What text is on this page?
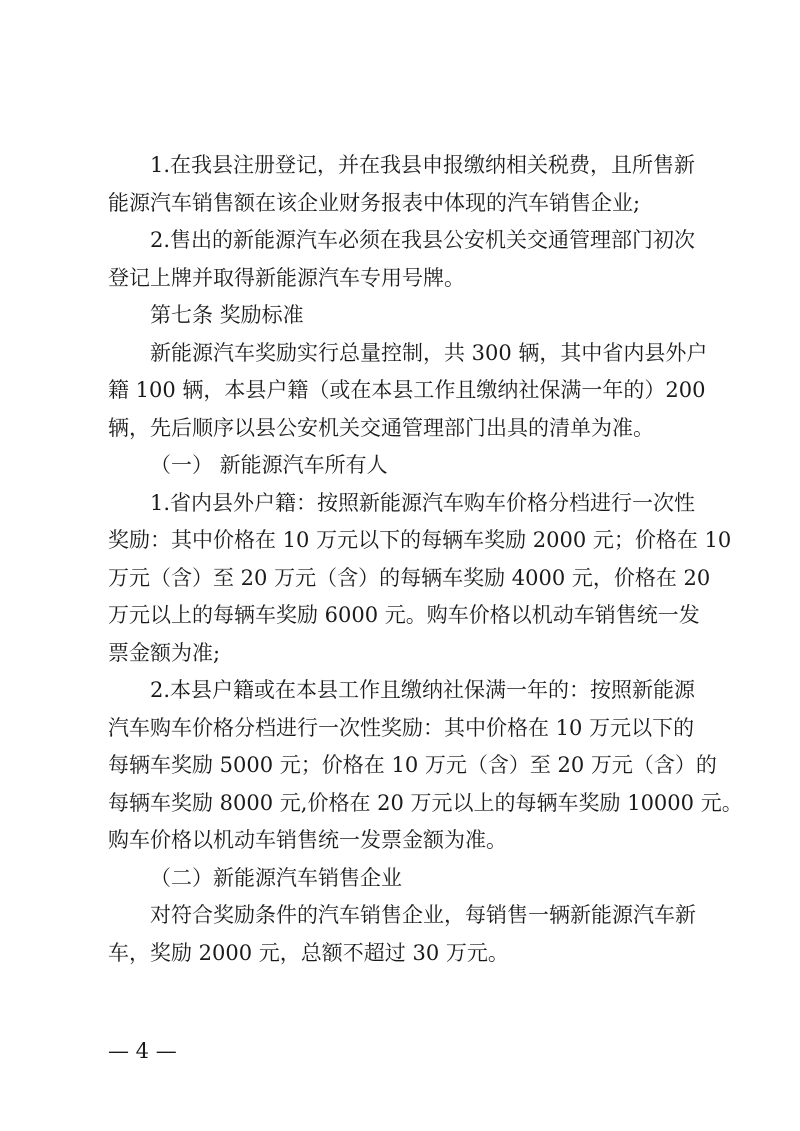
1.在我县注册登记，并在我县申报缴纳相关税费，且所售新
能源汽车销售额在该企业财务报表中体现的汽车销售企业;

2.售出的新能源汽车必须在我县公安机关交通管理部门初次
登记上牌并取得新能源汽车专用号牌。

第七条 奖励标准

新能源汽车奖励实行总量控制，共 300 辆，其中省内县外户
籍 100 辆，本县户籍（或在本县工作且缴纳社保满一年的）200
辆，先后顺序以县公安机关交通管理部门出具的清单为准。

（一） 新能源汽车所有人

1.省内县外户籍：按照新能源汽车购车价格分档进行一次性
奖励：其中价格在 10 万元以下的每辆车奖励 2000 元；价格在 10
万元（含）至 20 万元（含）的每辆车奖励 4000 元，价格在 20
万元以上的每辆车奖励 6000 元。购车价格以机动车销售统一发
票金额为准;

2.本县户籍或在本县工作且缴纳社保满一年的：按照新能源
汽车购车价格分档进行一次性奖励：其中价格在 10 万元以下的
每辆车奖励 5000 元；价格在 10 万元（含）至 20 万元（含）的
每辆车奖励 8000 元,价格在 20 万元以上的每辆车奖励 10000 元。
购车价格以机动车销售统一发票金额为准。

（二）新能源汽车销售企业

对符合奖励条件的汽车销售企业，每销售一辆新能源汽车新
车，奖励 2000 元，总额不超过 30 万元。

— 4 —
